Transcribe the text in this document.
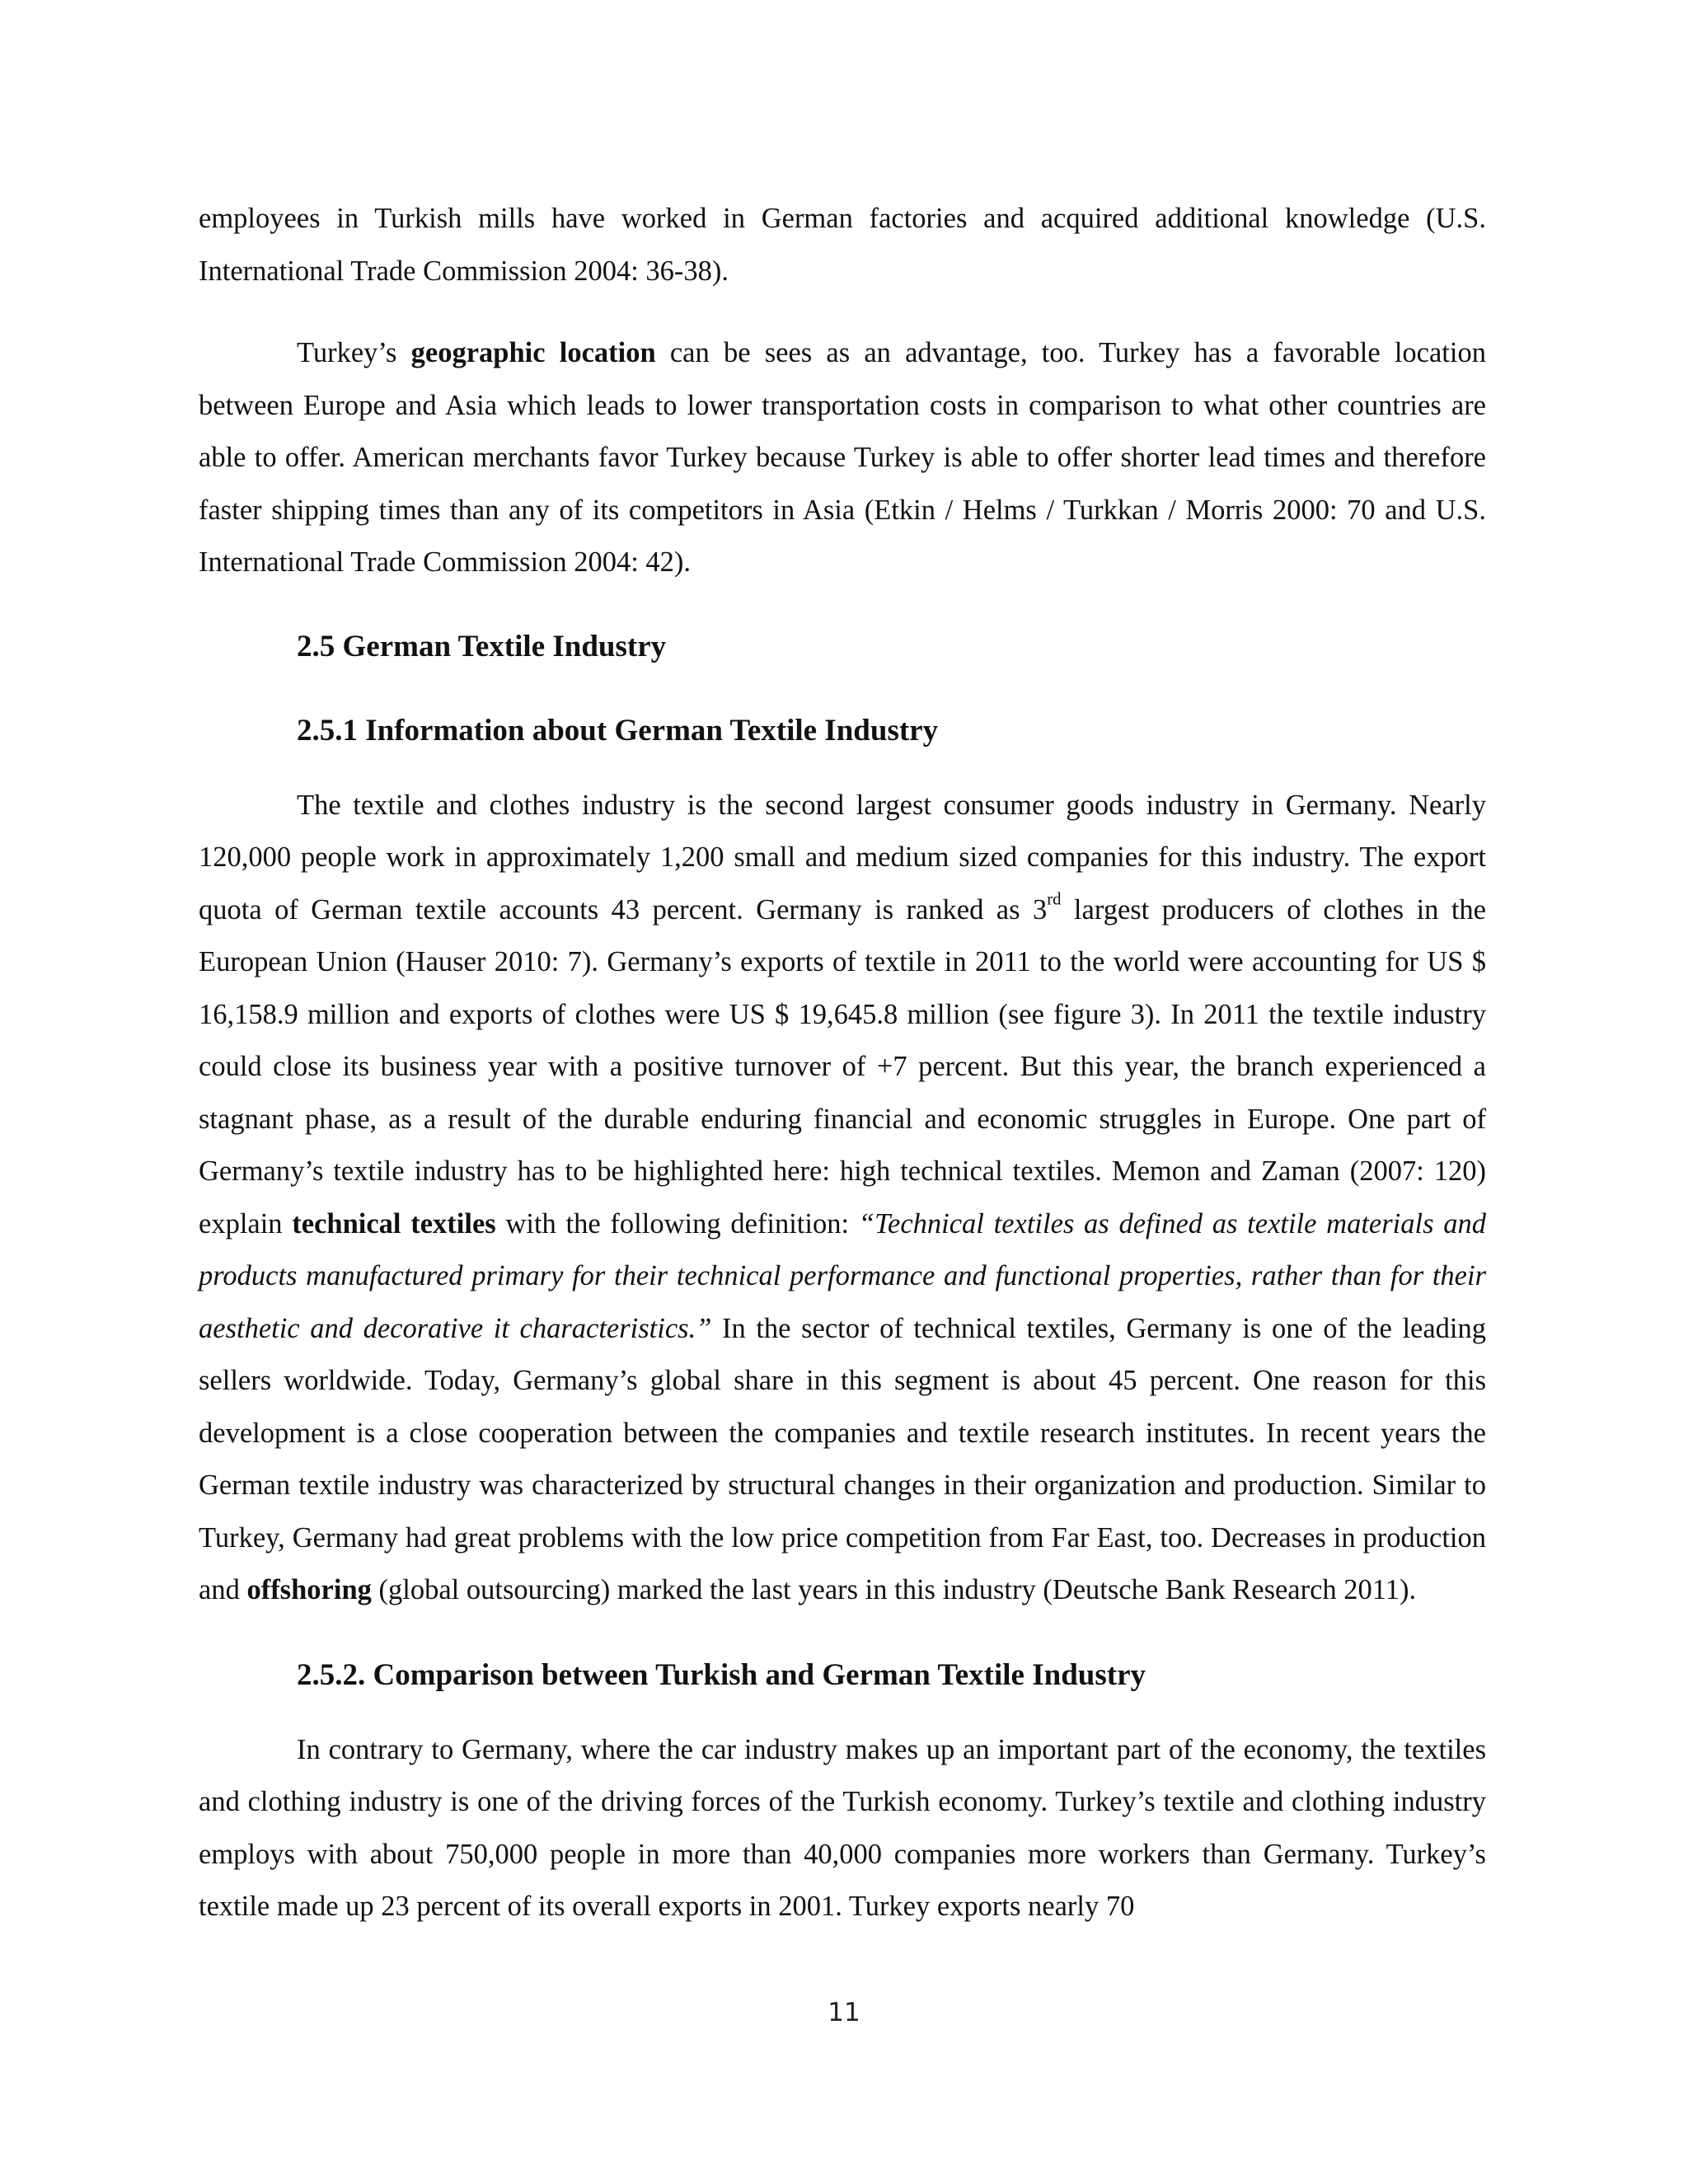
employees in Turkish mills have worked in German factories and acquired additional knowledge (U.S. International Trade Commission 2004: 36-38).

Turkey’s geographic location can be sees as an advantage, too. Turkey has a favorable location between Europe and Asia which leads to lower transportation costs in comparison to what other countries are able to offer. American merchants favor Turkey because Turkey is able to offer shorter lead times and therefore faster shipping times than any of its competitors in Asia (Etkin / Helms / Turkkan / Morris 2000: 70 and U.S. International Trade Commission 2004: 42).

2.5 German Textile Industry
2.5.1 Information about German Textile Industry

The textile and clothes industry is the second largest consumer goods industry in Germany. Nearly 120,000 people work in approximately 1,200 small and medium sized companies for this industry. The export quota of German textile accounts 43 percent. Germany is ranked as 3rd largest producers of clothes in the European Union (Hauser 2010: 7). Germany’s exports of textile in 2011 to the world were accounting for US $ 16,158.9 million and exports of clothes were US $ 19,645.8 million (see figure 3). In 2011 the textile industry could close its business year with a positive turnover of +7 percent. But this year, the branch experienced a stagnant phase, as a result of the durable enduring financial and economic struggles in Europe. One part of Germany’s textile industry has to be highlighted here: high technical textiles. Memon and Zaman (2007: 120) explain technical textiles with the following definition: “Technical textiles as defined as textile materials and products manufactured primary for their technical performance and functional properties, rather than for their aesthetic and decorative it characteristics.” In the sector of technical textiles, Germany is one of the leading sellers worldwide. Today, Germany’s global share in this segment is about 45 percent. One reason for this development is a close cooperation between the companies and textile research institutes. In recent years the German textile industry was characterized by structural changes in their organization and production. Similar to Turkey, Germany had great problems with the low price competition from Far East, too. Decreases in production and offshoring (global outsourcing) marked the last years in this industry (Deutsche Bank Research 2011).

2.5.2. Comparison between Turkish and German Textile Industry

In contrary to Germany, where the car industry makes up an important part of the economy, the textiles and clothing industry is one of the driving forces of the Turkish economy. Turkey’s textile and clothing industry employs with about 750,000 people in more than 40,000 companies more workers than Germany. Turkey’s textile made up 23 percent of its overall exports in 2001. Turkey exports nearly 70

11
